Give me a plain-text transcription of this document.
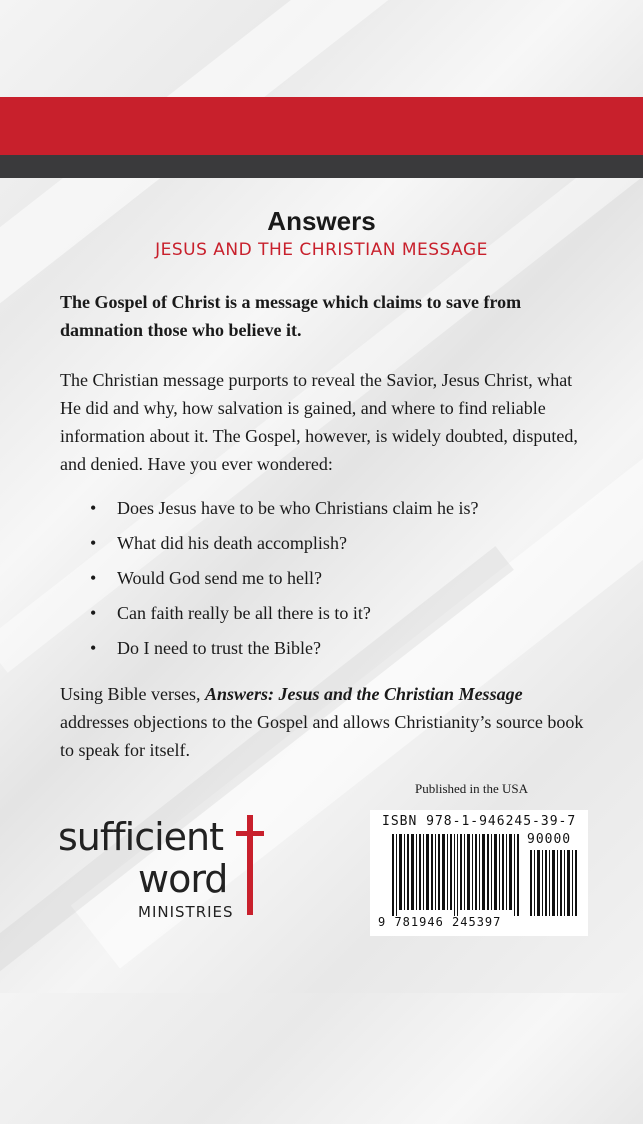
Answers
JESUS AND THE CHRISTIAN MESSAGE

The Gospel of Christ is a message which claims to save from damnation those who believe it.

The Christian message purports to reveal the Savior, Jesus Christ, what He did and why, how salvation is gained, and where to find reliable information about it. The Gospel, however, is widely doubted, disputed, and denied. Have you ever wondered:

• Does Jesus have to be who Christians claim he is?
• What did his death accomplish?
• Would God send me to hell?
• Can faith really be all there is to it?
• Do I need to trust the Bible?

Using Bible verses, Answers: Jesus and the Christian Message addresses objections to the Gospel and allows Christianity’s source book to speak for itself.

Published in the USA
sufficient
word
MINISTRIES
ISBN 978-1-946245-39-7
90000
9 781946 245397
